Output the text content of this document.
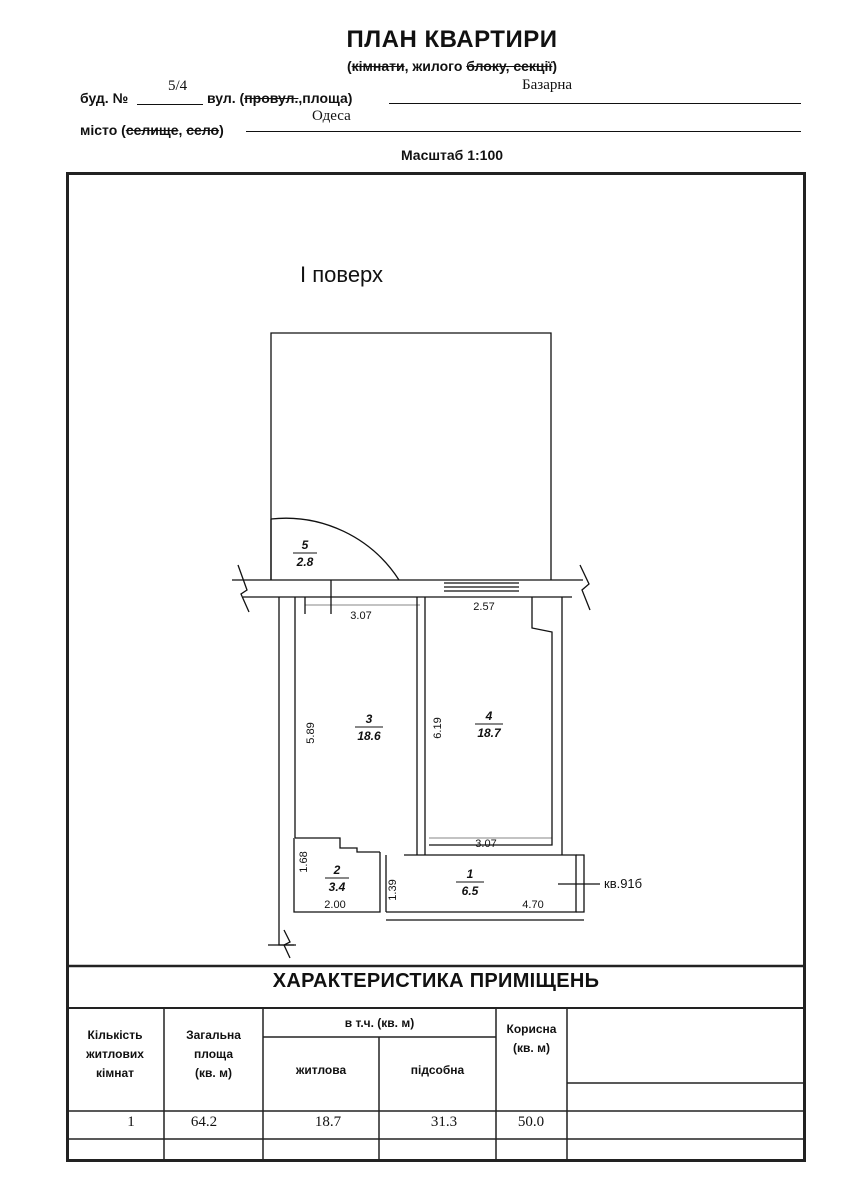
ПЛАН КВАРТИРИ
(кімнати, жилого блоку, секції)
буд. №
5/4
вул. (провул.,площа)
Базарна
місто (селище, село)
Одеса
Масштаб 1:100
I поверх
5
2.8
3
18.6
4
18.7
2
3.4
1
6.5
3.07
2.57
5.89	6.19
3.07
1.68
2.00
1.39
4.70
кв.91б
ХАРАКТЕРИСТИКА ПРИМІЩЕНЬ
Кількість
житлових
кімнат
Загальна
площа
(кв. м)
в т.ч. (кв. м)
житлова	підсобна
Корисна
(кв. м)
1	64.2	18.7	31.3	50.0
